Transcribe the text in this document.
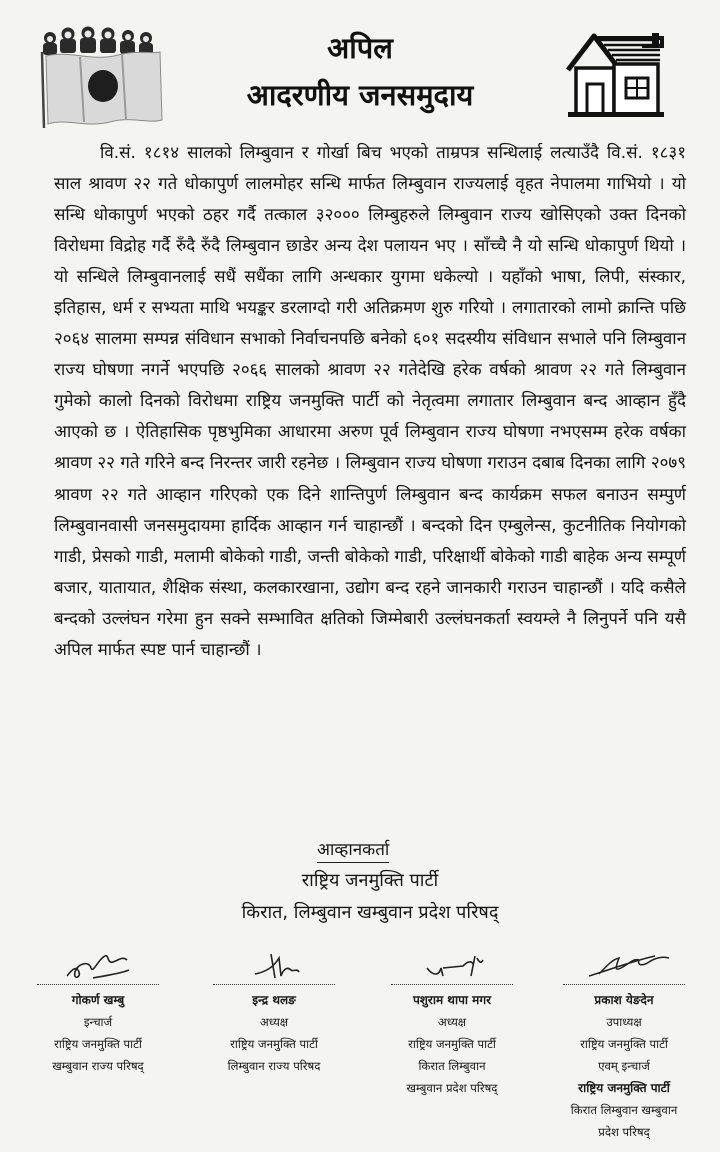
अपिल
आदरणीय जनसमुदाय

वि.सं. १८१४ सालको लिम्बुवान र गोर्खा बिच भएको ताम्रपत्र सन्धिलाई लत्याउँदै वि.सं. १८३१ साल श्रावण २२ गते धोकापुर्ण लालमोहर सन्धि मार्फत लिम्बुवान राज्यलाई वृहत नेपालमा गाभियो । यो सन्धि धोकापुर्ण भएको ठहर गर्दै तत्काल ३२००० लिम्बुहरुले लिम्बुवान राज्य खोसिएको उक्त दिनको विरोधमा विद्रोह गर्दै रुँदै रुँदै लिम्बुवान छाडेर अन्य देश पलायन भए । साँच्चै नै यो सन्धि धोकापुर्ण थियो । यो सन्धिले लिम्बुवानलाई सधैं सधैंका लागि अन्धकार युगमा धकेल्यो । यहाँको भाषा, लिपी, संस्कार, इतिहास, धर्म र सभ्यता माथि भयङ्कर डरलाग्दो गरी अतिक्रमण शुरु गरियो । लगातारको लामो क्रान्ति पछि २०६४ सालमा सम्पन्न संविधान सभाको निर्वाचनपछि बनेको ६०१ सदस्यीय संविधान सभाले पनि लिम्बुवान राज्य घोषणा नगर्ने भएपछि २०६६ सालको श्रावण २२ गतेदेखि हरेक वर्षको श्रावण २२ गते लिम्बुवान गुमेको कालो दिनको विरोधमा राष्ट्रिय जनमुक्ति पार्टी को नेतृत्वमा लगातार लिम्बुवान बन्द आव्हान हुँदै आएको छ । ऐतिहासिक पृष्ठभुमिका आधारमा अरुण पूर्व लिम्बुवान राज्य घोषणा नभएसम्म हरेक वर्षका श्रावण २२ गते गरिने बन्द निरन्तर जारी रहनेछ । लिम्बुवान राज्य घोषणा गराउन दबाब दिनका लागि २०७९ श्रावण २२ गते आव्हान गरिएको एक दिने शान्तिपुर्ण लिम्बुवान बन्द कार्यक्रम सफल बनाउन सम्पुर्ण लिम्बुवानवासी जनसमुदायमा हार्दिक आव्हान गर्न चाहान्छौं । बन्दको दिन एम्बुलेन्स, कुटनीतिक नियोगको गाडी, प्रेसको गाडी, मलामी बोकेको गाडी, जन्ती बोकेको गाडी, परिक्षार्थी बोकेको गाडी बाहेक अन्य सम्पूर्ण बजार, यातायात, शैक्षिक संस्था, कलकारखाना, उद्योग बन्द रहने जानकारी गराउन चाहान्छौं । यदि कसैले बन्दको उल्लंघन गरेमा हुन सक्ने सम्भावित क्षतिको जिम्मेबारी उल्लंघनकर्ता स्वयम्ले नै लिनुपर्ने पनि यसै अपिल मार्फत स्पष्ट पार्न चाहान्छौं ।

आव्हानकर्ता
राष्ट्रिय जनमुक्ति पार्टी
किरात, लिम्बुवान खम्बुवान प्रदेश परिषद्
गोकर्ण खम्बु
इन्चार्ज
राष्ट्रिय जनमुक्ति पार्टी
खम्बुवान राज्य परिषद्
इन्द्र थलङ
अध्यक्ष
राष्ट्रिय जनमुक्ति पार्टी
लिम्बुवान राज्य परिषद
पशुराम थापा मगर
अध्यक्ष
राष्ट्रिय जनमुक्ति पार्टी
किरात लिम्बुवान
खम्बुवान प्रदेश परिषद्
प्रकाश येङदेन
उपाध्यक्ष
राष्ट्रिय जनमुक्ति पार्टी
एवम् इन्चार्ज
राष्ट्रिय जनमुक्ति पार्टी
किरात लिम्बुवान खम्बुवान
प्रदेश परिषद्
